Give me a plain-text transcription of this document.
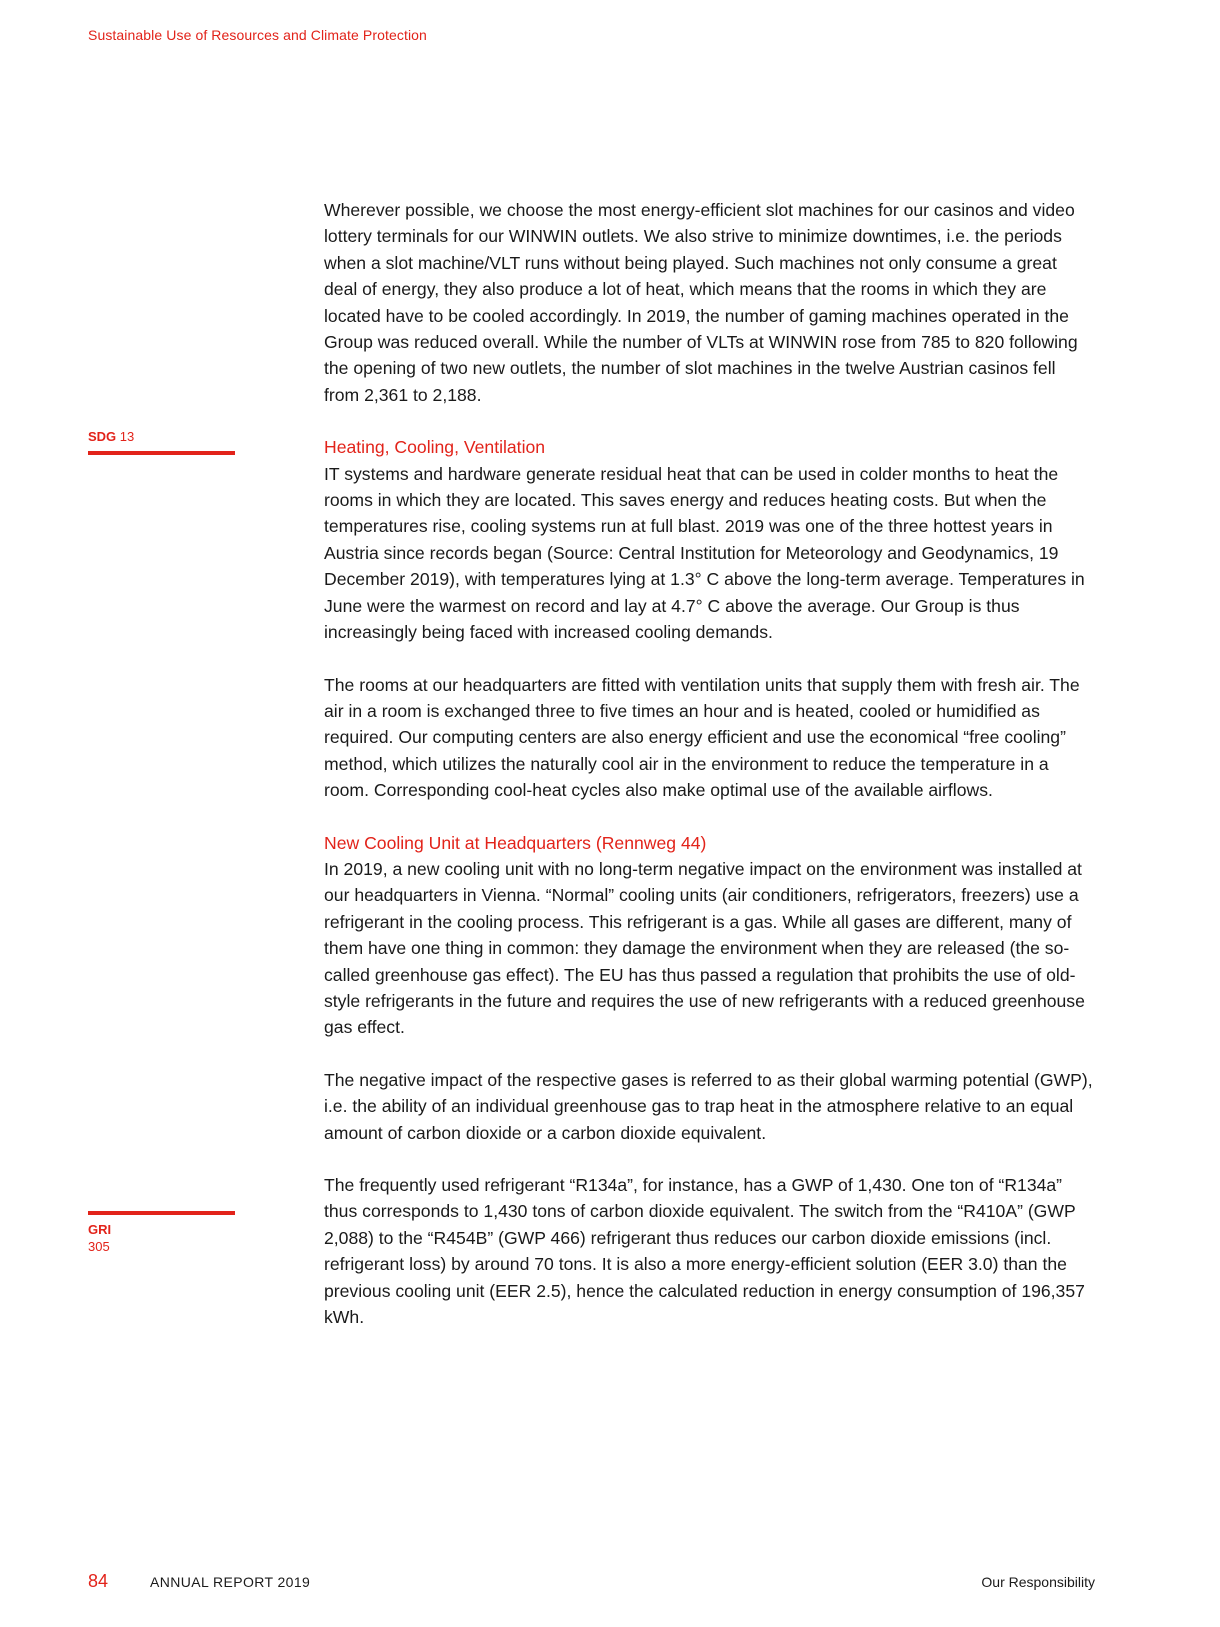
Sustainable Use of Resources and Climate Protection
SDG 13
GRI
305

Wherever possible, we choose the most energy-efficient slot machines for our casinos and video lottery terminals for our WINWIN outlets. We also strive to minimize downtimes, i.e. the periods when a slot machine/VLT runs without being played. Such machines not only consume a great deal of energy, they also produce a lot of heat, which means that the rooms in which they are located have to be cooled accordingly. In 2019, the number of gaming machines operated in the Group was reduced overall. While the number of VLTs at WINWIN rose from 785 to 820 following the opening of two new outlets, the number of slot machines in the twelve Austrian casinos fell from 2,361 to 2,188.

Heating, Cooling, Ventilation

IT systems and hardware generate residual heat that can be used in colder months to heat the rooms in which they are located. This saves energy and reduces heating costs. But when the temperatures rise, cooling systems run at full blast. 2019 was one of the three hottest years in Austria since records began (Source: Central Institution for Meteorology and Geodynamics, 19 December 2019), with temperatures lying at 1.3° C above the long-term average. Temperatures in June were the warmest on record and lay at 4.7° C above the average. Our Group is thus increasingly being faced with increased cooling demands.

The rooms at our headquarters are fitted with ventilation units that supply them with fresh air. The air in a room is exchanged three to five times an hour and is heated, cooled or humidified as required. Our computing centers are also energy efficient and use the economical “free cooling” method, which utilizes the naturally cool air in the environment to reduce the temperature in a room. Corresponding cool-heat cycles also make optimal use of the available airflows.

New Cooling Unit at Headquarters (Rennweg 44)

In 2019, a new cooling unit with no long-term negative impact on the environment was installed at our headquarters in Vienna. “Normal” cooling units (air conditioners, refrigerators, freezers) use a refrigerant in the cooling process. This refrigerant is a gas. While all gases are different, many of them have one thing in common: they damage the environment when they are released (the so-called greenhouse gas effect). The EU has thus passed a regulation that prohibits the use of old-style refrigerants in the future and requires the use of new refrigerants with a reduced greenhouse gas effect.

The negative impact of the respective gases is referred to as their global warming potential (GWP), i.e. the ability of an individual greenhouse gas to trap heat in the atmosphere relative to an equal amount of carbon dioxide or a carbon dioxide equivalent.

The frequently used refrigerant “R134a”, for instance, has a GWP of 1,430. One ton of “R134a” thus corresponds to 1,430 tons of carbon dioxide equivalent. The switch from the “R410A” (GWP 2,088) to the “R454B” (GWP 466) refrigerant thus reduces our carbon dioxide emissions (incl. refrigerant loss) by around 70 tons. It is also a more energy-efficient solution (EER 3.0) than the previous cooling unit (EER 2.5), hence the calculated reduction in energy consumption of 196,357 kWh.

84	ANNUAL REPORT 2019	Our Responsibility
